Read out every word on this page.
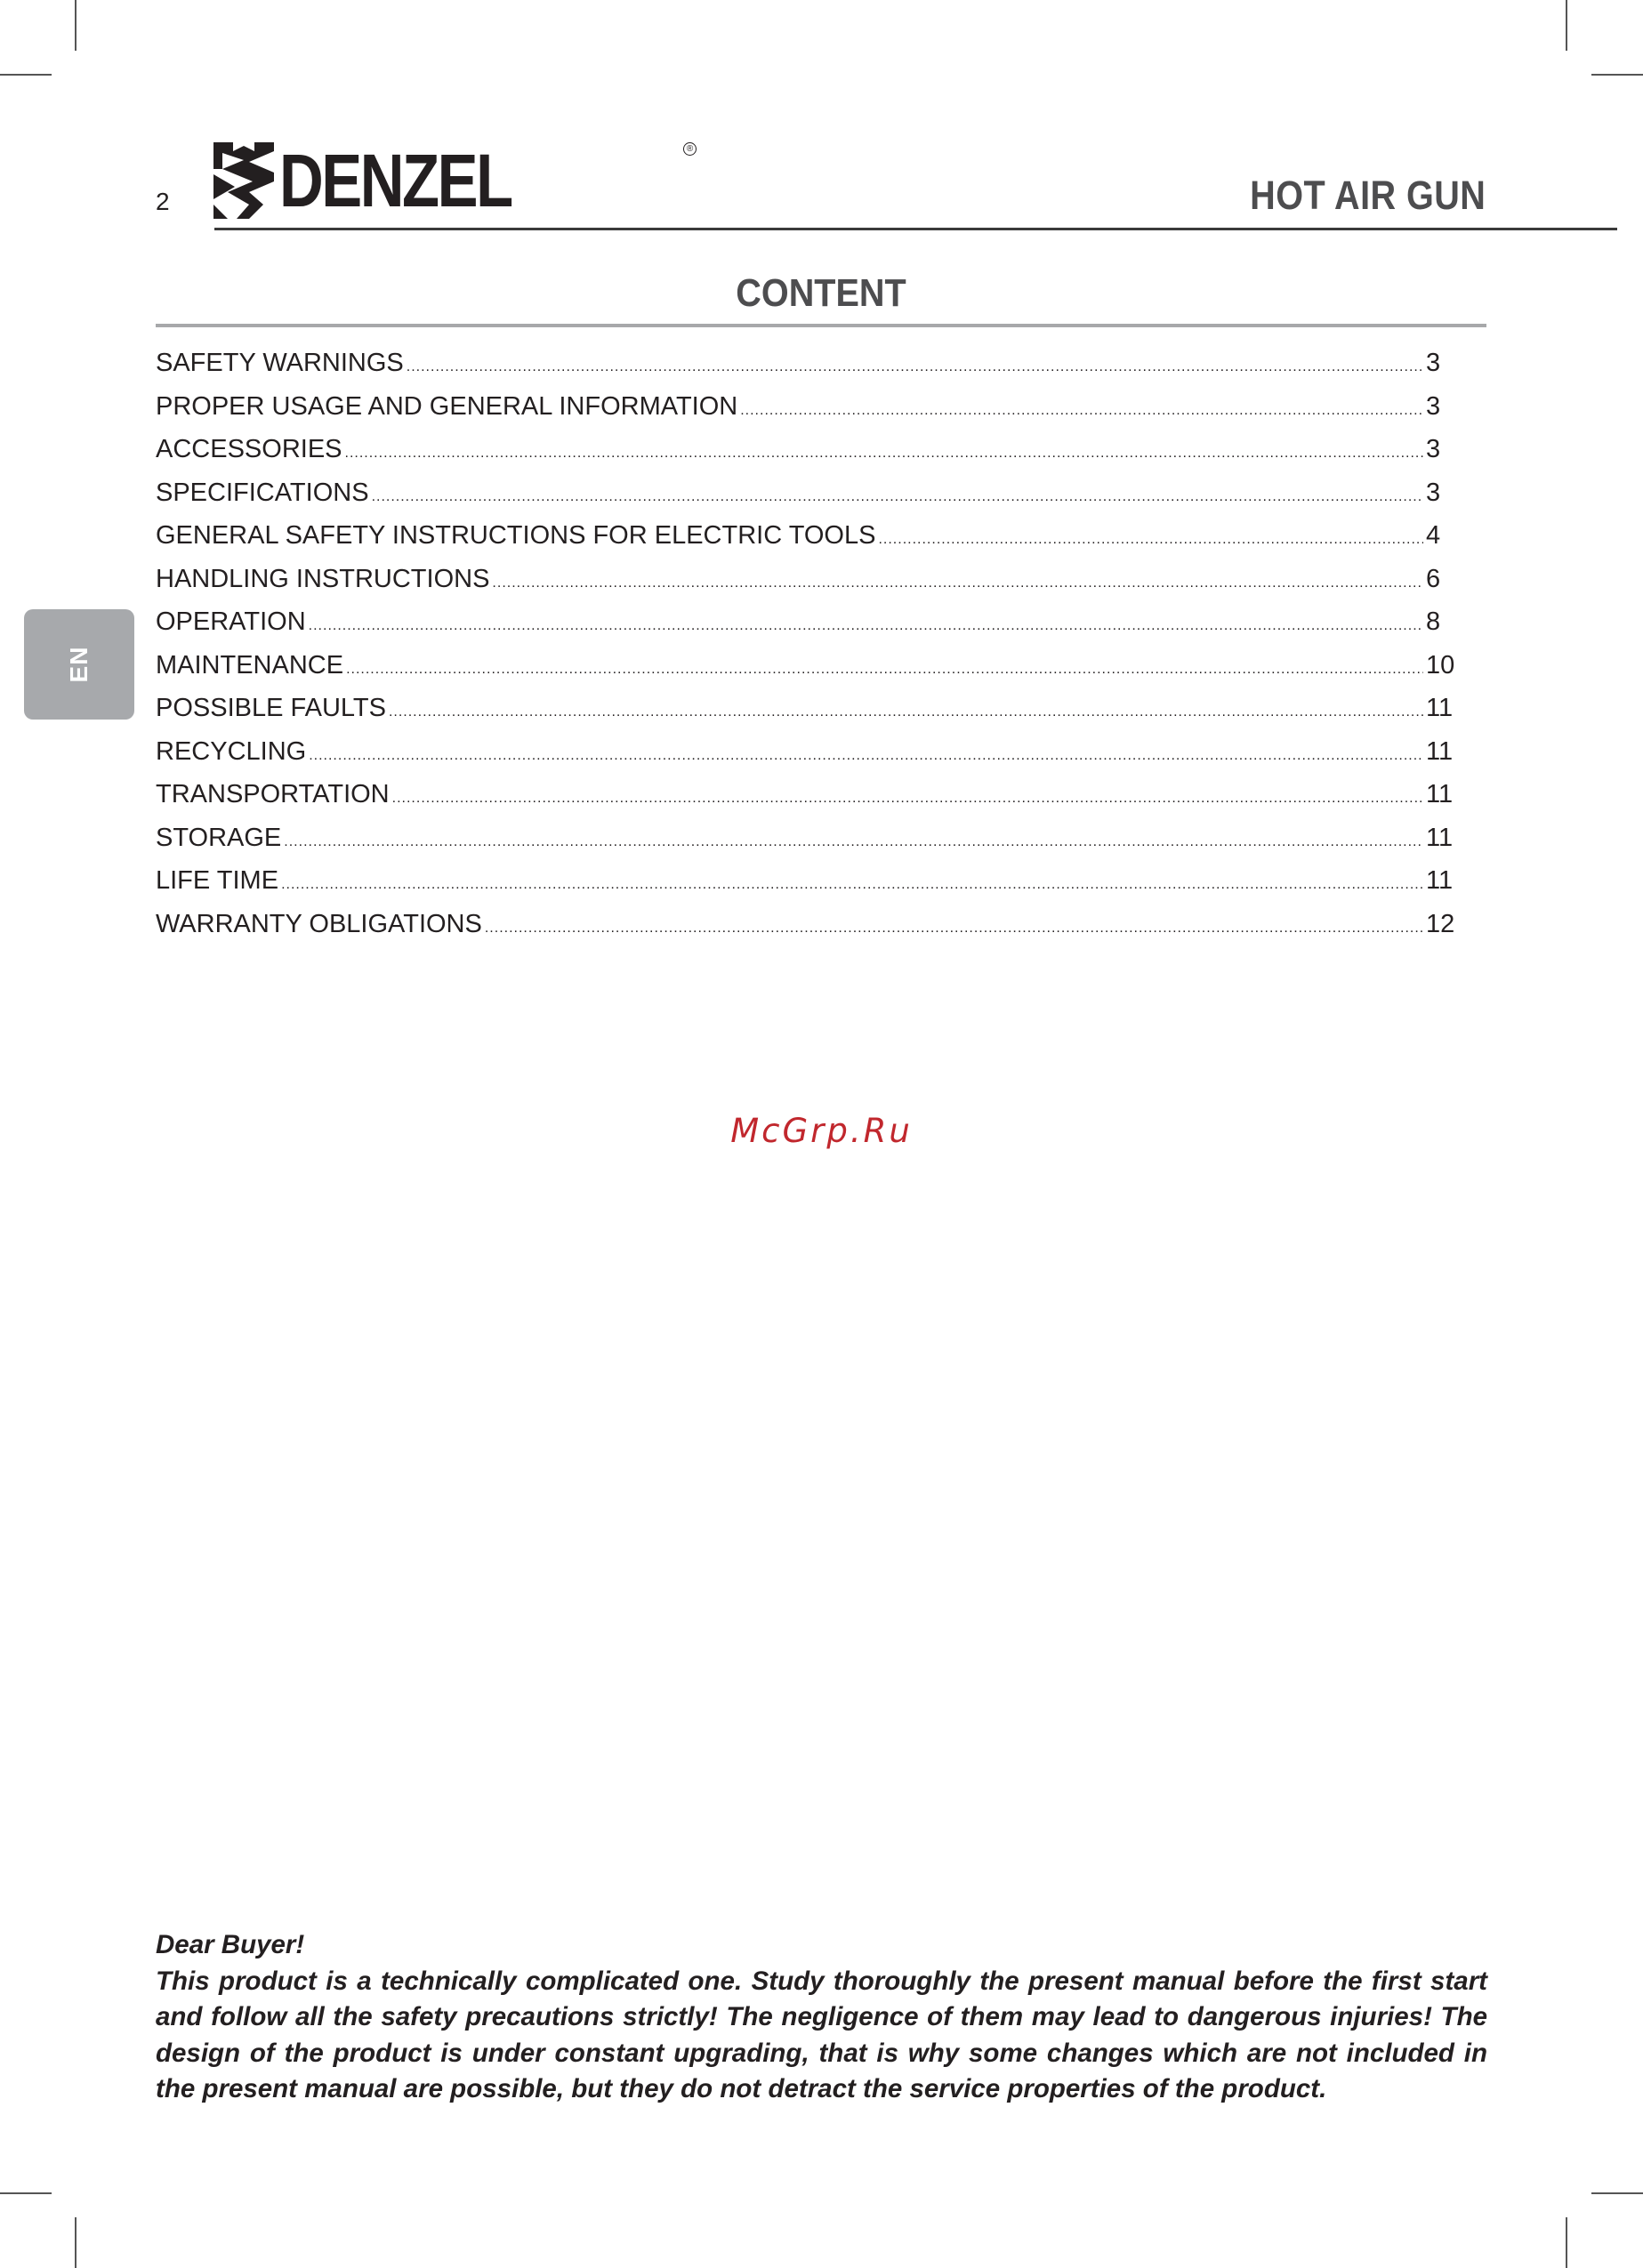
2 DENZEL	®
HOT AIR GUN
CONTENT
SAFETY WARNINGS .....	3
PROPER USAGE AND GENERAL INFORMATION .....	3
ACCESSORIES .....	3
SPECIFICATIONS .....	3
GENERAL SAFETY INSTRUCTIONS FOR ELECTRIC TOOLS .....	4
HANDLING INSTRUCTIONS .....	6
OPERATION .....	8
MAINTENANCE .....	10
POSSIBLE FAULTS .....	11
RECYCLING .....	11
TRANSPORTATION .....	11
STORAGE .....	11
LIFE TIME .....	11
WARRANTY OBLIGATIONS .....	12
EN
McGrp.Ru

Dear Buyer!

This product is a technically complicated one. Study thoroughly the present manual before the first start and follow all the safety precautions strictly! The negligence of them may lead to dangerous injuries! The design of the product is under constant upgrading, that is why some changes which are not included in the present manual are possible, but they do not detract the service properties of the product.
